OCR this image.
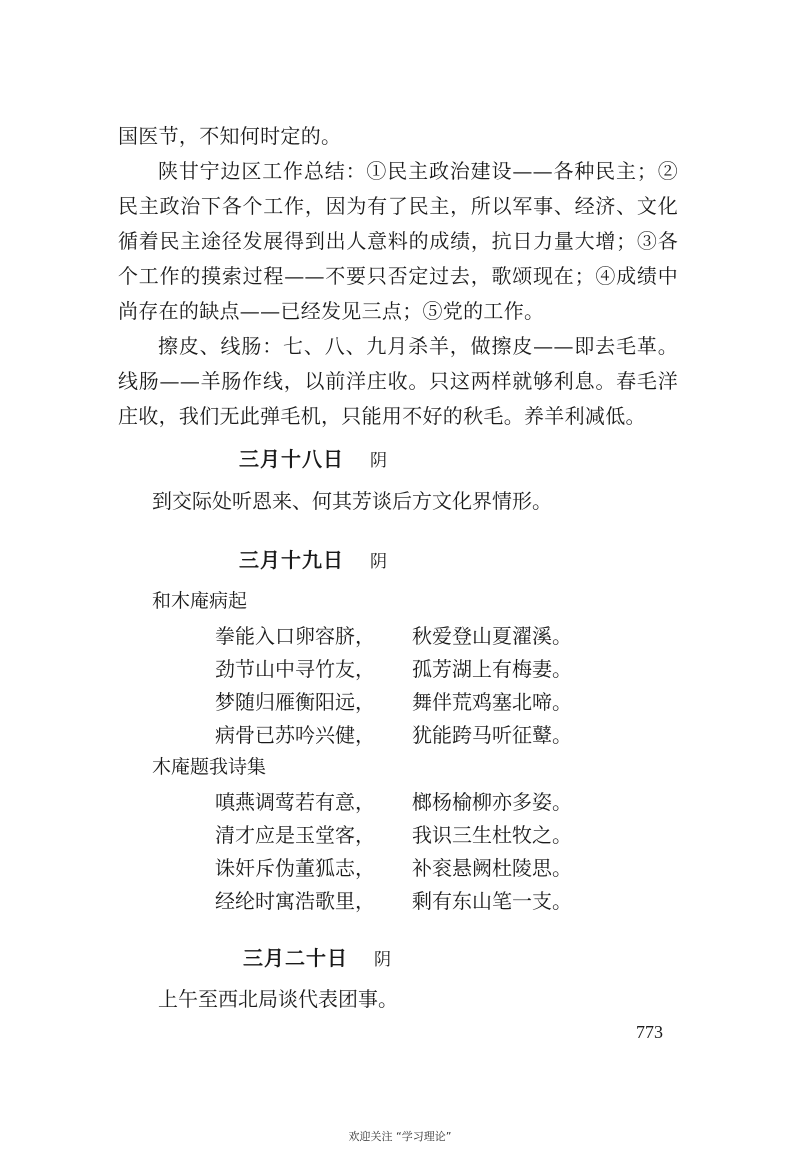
国医节，不知何时定的。

陕甘宁边区工作总结：①民主政治建设——各种民主；②民主政治下各个工作，因为有了民主，所以军事、经济、文化循着民主途径发展得到出人意料的成绩，抗日力量大增；③各个工作的摸索过程——不要只否定过去，歌颂现在；④成绩中尚存在的缺点——已经发见三点；⑤党的工作。

擦皮、线肠：七、八、九月杀羊，做擦皮——即去毛革。线肠——羊肠作线，以前洋庄收。只这两样就够利息。春毛洋庄收，我们无此弹毛机，只能用不好的秋毛。养羊利减低。

三月十八日 阴

到交际处听恩来、何其芳谈后方文化界情形。

三月十九日 阴

和木庵病起

拳能入口卵容脐， 秋爱登山夏濯溪。
劲节山中寻竹友， 孤芳湖上有梅妻。
梦随归雁衡阳远， 舞伴荒鸡塞北啼。
病骨已苏吟兴健， 犹能跨马听征鼙。

木庵题我诗集

嗔燕调莺若有意， 榔杨榆柳亦多姿。
清才应是玉堂客， 我识三生杜牧之。
诛奸斥伪董狐志， 补衮悬阙杜陵思。
经纶时寓浩歌里， 剩有东山笔一支。

三月二十日 阴

上午至西北局谈代表团事。

773
欢迎关注 “学习理论”
